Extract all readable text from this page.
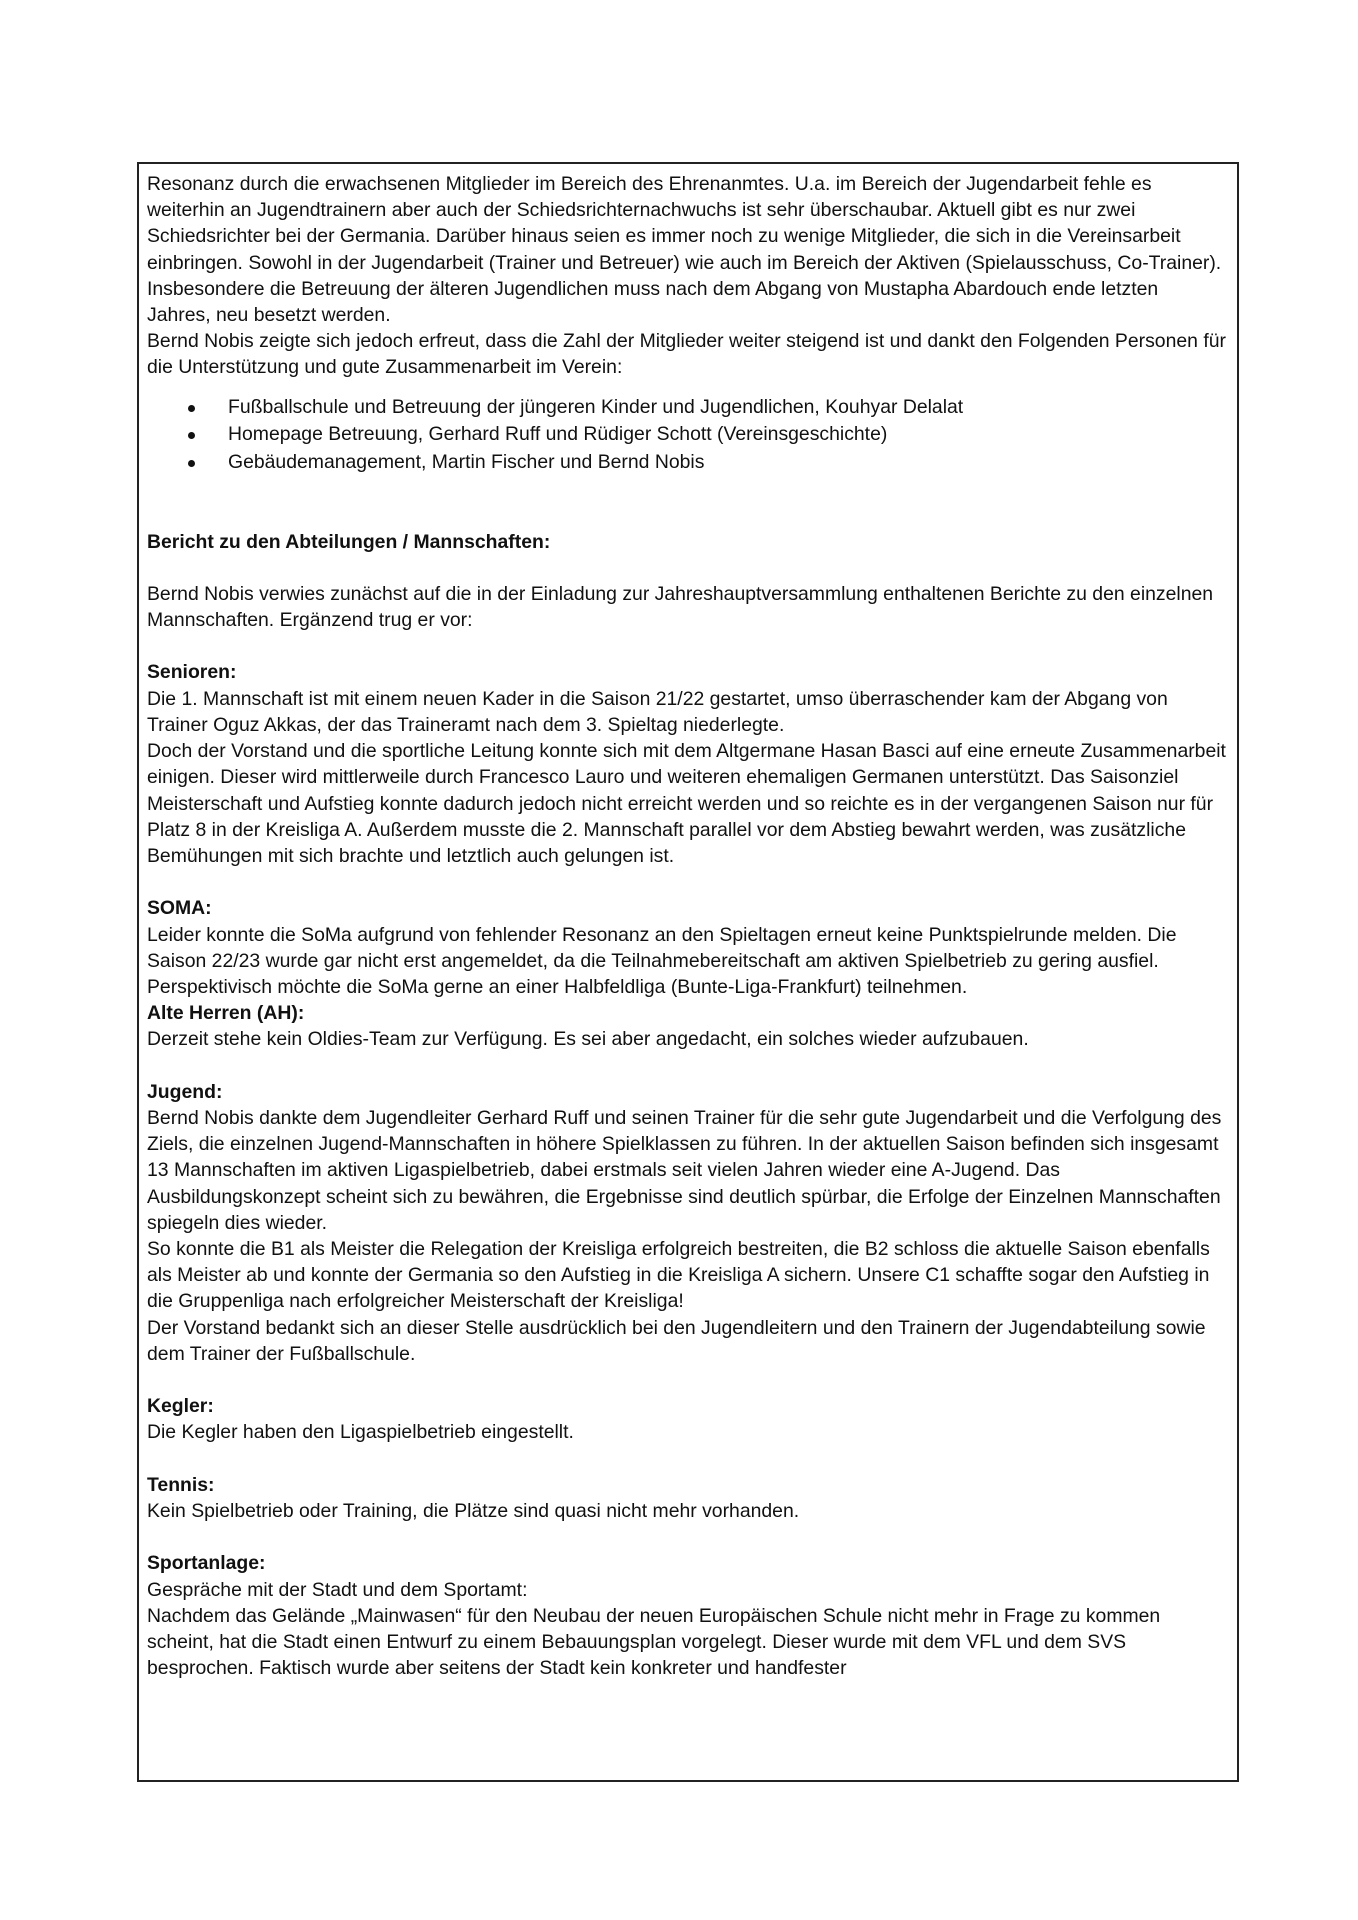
Resonanz durch die erwachsenen Mitglieder im Bereich des Ehrenanmtes. U.a. im Bereich der Jugendarbeit fehle es weiterhin an Jugendtrainern aber auch der Schiedsrichternachwuchs ist sehr überschaubar. Aktuell gibt es nur zwei Schiedsrichter bei der Germania. Darüber hinaus seien es immer noch zu wenige Mitglieder, die sich in die Vereinsarbeit einbringen. Sowohl in der Jugendarbeit (Trainer und Betreuer) wie auch im Bereich der Aktiven (Spielausschuss, Co-Trainer). Insbesondere die Betreuung der älteren Jugendlichen muss nach dem Abgang von Mustapha Abardouch ende letzten Jahres, neu besetzt werden.

Bernd Nobis zeigte sich jedoch erfreut, dass die Zahl der Mitglieder weiter steigend ist und dankt den Folgenden Personen für die Unterstützung und gute Zusammenarbeit im Verein:

Fußballschule und Betreuung der jüngeren Kinder und Jugendlichen, Kouhyar Delalat
Homepage Betreuung, Gerhard Ruff und Rüdiger Schott (Vereinsgeschichte)
Gebäudemanagement, Martin Fischer und Bernd Nobis
Bericht zu den Abteilungen / Mannschaften:

Bernd Nobis verwies zunächst auf die in der Einladung zur Jahreshauptversammlung enthaltenen Berichte zu den einzelnen Mannschaften. Ergänzend trug er vor:

Senioren:

Die 1. Mannschaft ist mit einem neuen Kader in die Saison 21/22 gestartet, umso überraschender kam der Abgang von Trainer Oguz Akkas, der das Traineramt nach dem 3. Spieltag niederlegte.

Doch der Vorstand und die sportliche Leitung konnte sich mit dem Altgermane Hasan Basci auf eine erneute Zusammenarbeit einigen. Dieser wird mittlerweile durch Francesco Lauro und weiteren ehemaligen Germanen unterstützt. Das Saisonziel Meisterschaft und Aufstieg konnte dadurch jedoch nicht erreicht werden und so reichte es in der vergangenen Saison nur für Platz 8 in der Kreisliga A. Außerdem musste die 2. Mannschaft parallel vor dem Abstieg bewahrt werden, was zusätzliche Bemühungen mit sich brachte und letztlich auch gelungen ist.

SOMA:

Leider konnte die SoMa aufgrund von fehlender Resonanz an den Spieltagen erneut keine Punktspielrunde melden. Die Saison 22/23 wurde gar nicht erst angemeldet, da die Teilnahmebereitschaft am aktiven Spielbetrieb zu gering ausfiel.

Perspektivisch möchte die SoMa gerne an einer Halbfeldliga (Bunte-Liga-Frankfurt) teilnehmen.

Alte Herren (AH):

Derzeit stehe kein Oldies-Team zur Verfügung. Es sei aber angedacht, ein solches wieder aufzubauen.

Jugend:

Bernd Nobis dankte dem Jugendleiter Gerhard Ruff und seinen Trainer für die sehr gute Jugendarbeit und die Verfolgung des Ziels, die einzelnen Jugend-Mannschaften in höhere Spielklassen zu führen. In der aktuellen Saison befinden sich insgesamt 13 Mannschaften im aktiven Ligaspielbetrieb, dabei erstmals seit vielen Jahren wieder eine A-Jugend. Das Ausbildungskonzept scheint sich zu bewähren, die Ergebnisse sind deutlich spürbar, die Erfolge der Einzelnen Mannschaften spiegeln dies wieder.

So konnte die B1 als Meister die Relegation der Kreisliga erfolgreich bestreiten, die B2 schloss die aktuelle Saison ebenfalls als Meister ab und konnte der Germania so den Aufstieg in die Kreisliga A sichern. Unsere C1 schaffte sogar den Aufstieg in die Gruppenliga nach erfolgreicher Meisterschaft der Kreisliga!

Der Vorstand bedankt sich an dieser Stelle ausdrücklich bei den Jugendleitern und den Trainern der Jugendabteilung sowie dem Trainer der Fußballschule.

Kegler:

Die Kegler haben den Ligaspielbetrieb eingestellt.

Tennis:

Kein Spielbetrieb oder Training, die Plätze sind quasi nicht mehr vorhanden.

Sportanlage:

Gespräche mit der Stadt und dem Sportamt:

Nachdem das Gelände „Mainwasen“ für den Neubau der neuen Europäischen Schule nicht mehr in Frage zu kommen scheint, hat die Stadt einen Entwurf zu einem Bebauungsplan vorgelegt. Dieser wurde mit dem VFL und dem SVS besprochen. Faktisch wurde aber seitens der Stadt kein konkreter und handfester
